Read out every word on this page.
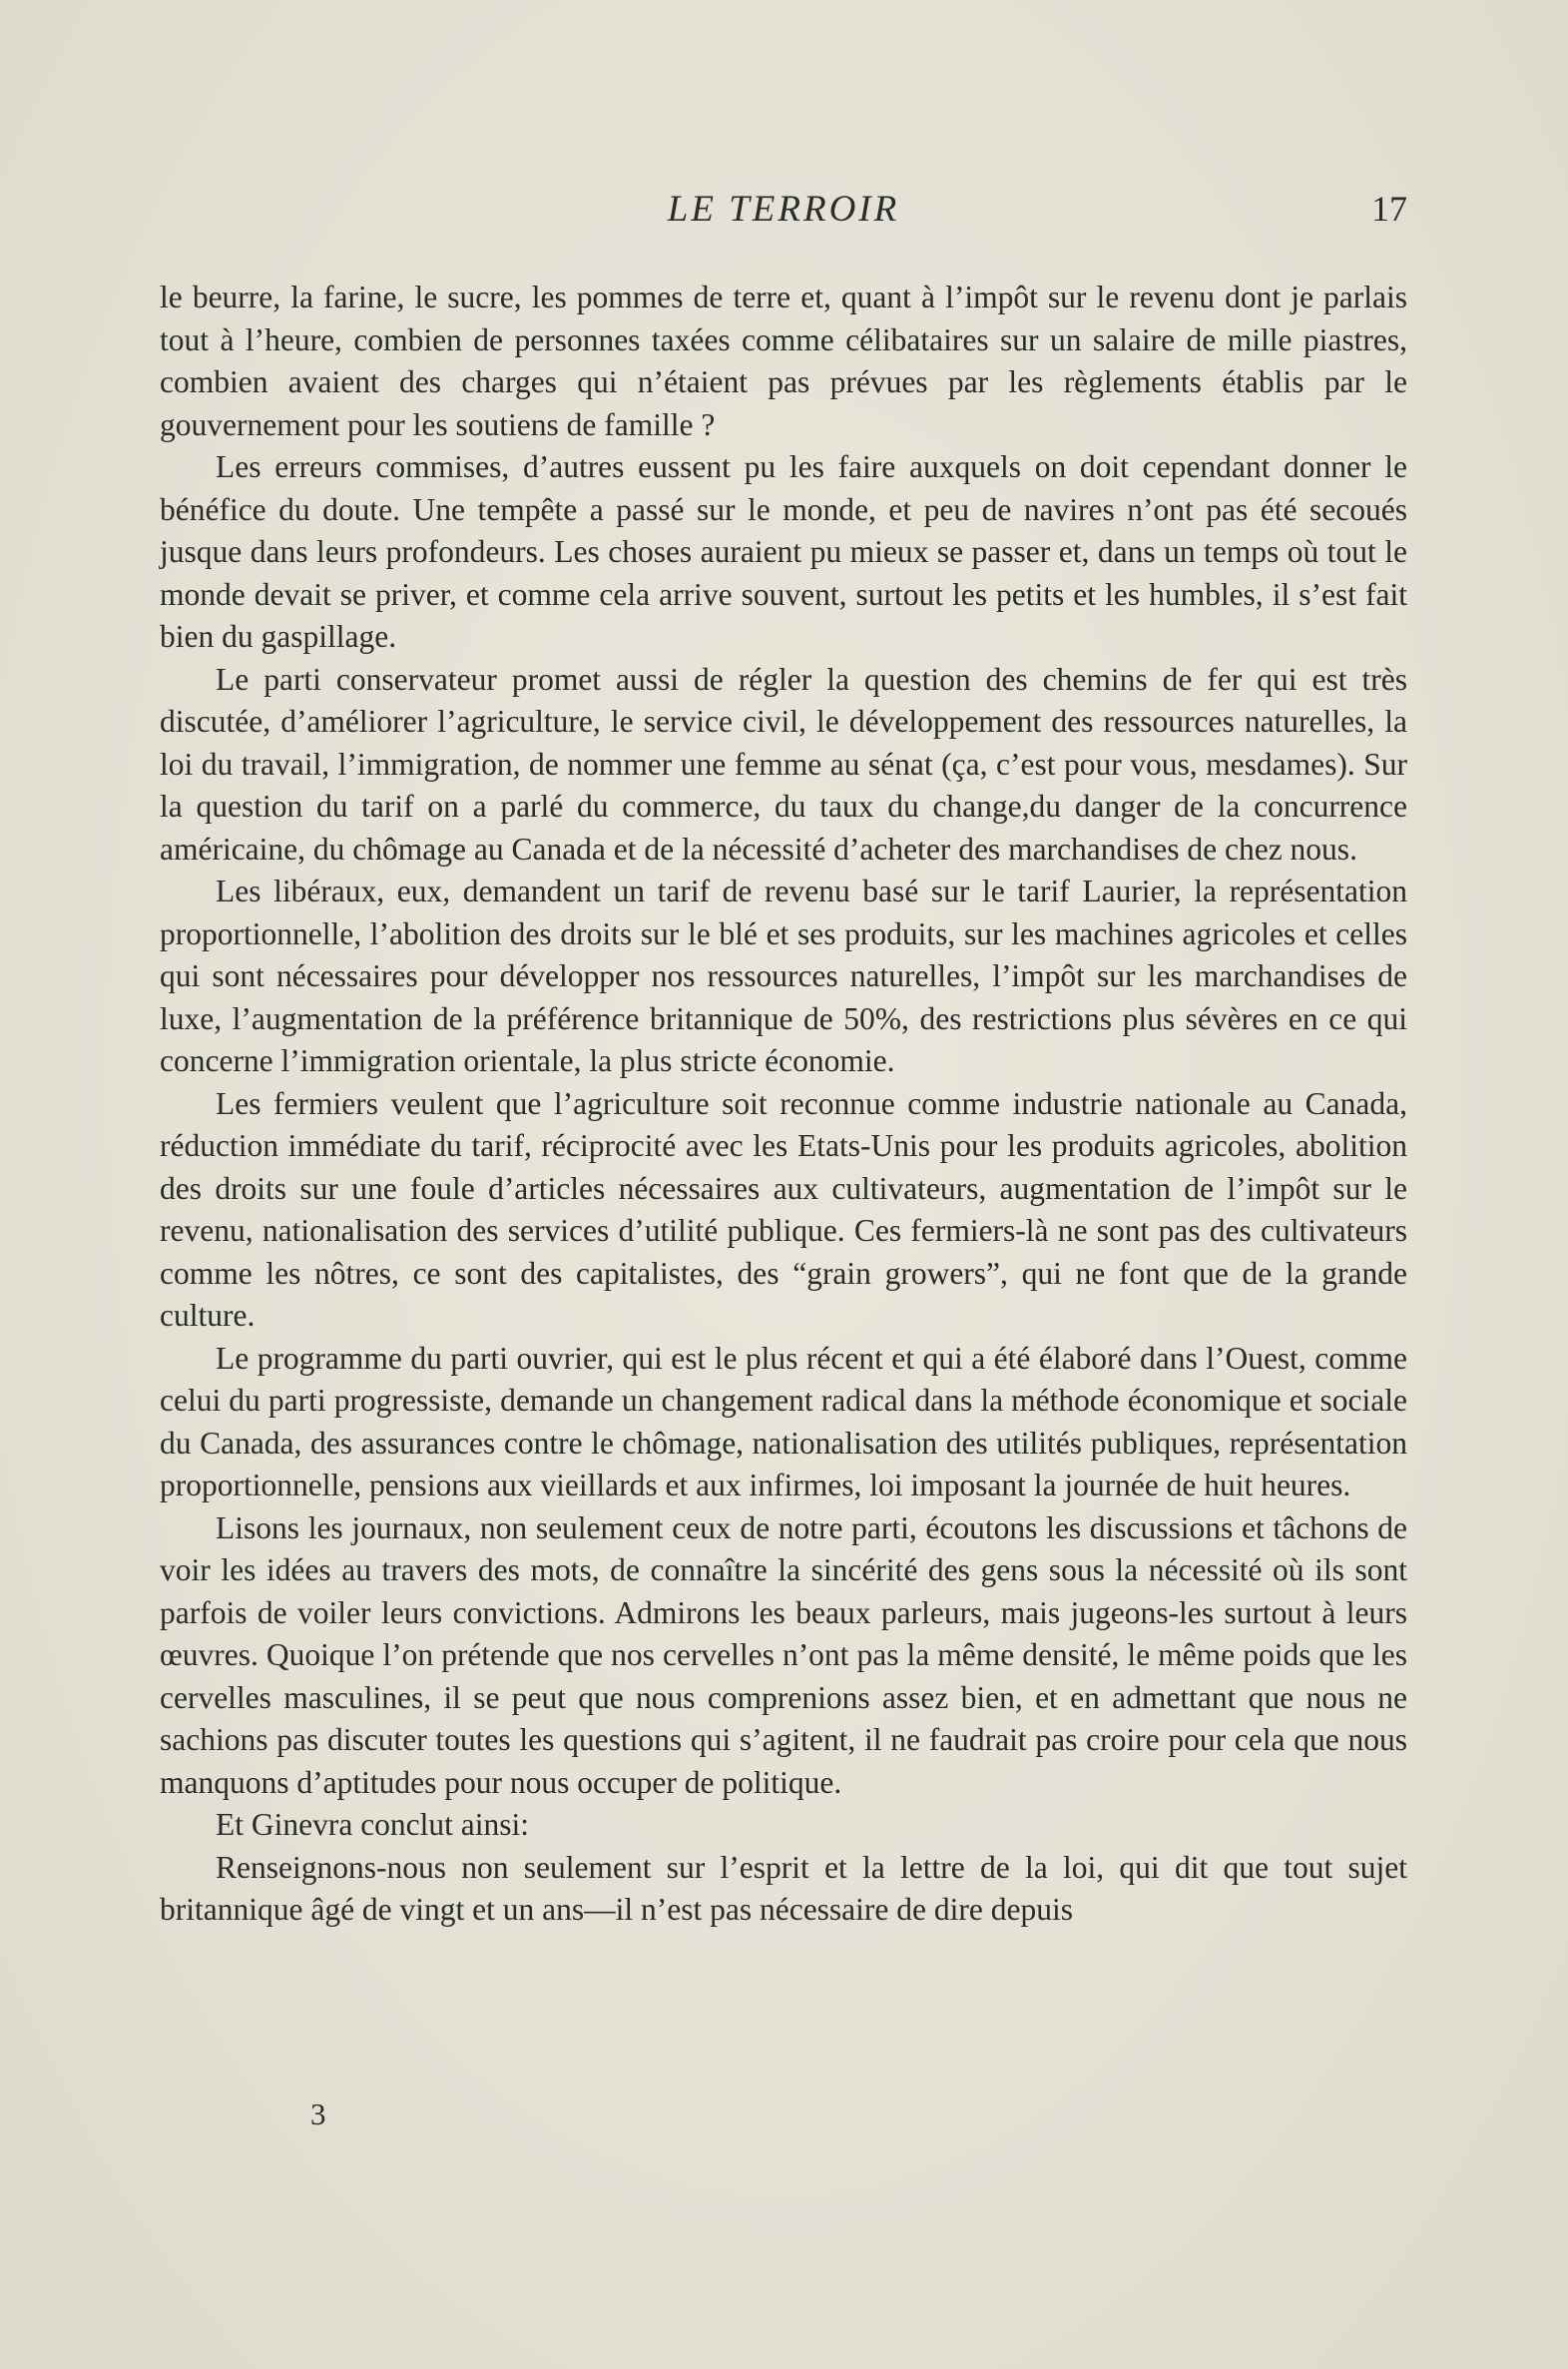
LE TERROIR	17

le beurre, la farine, le sucre, les pommes de terre et, quant à l’impôt sur le revenu dont je parlais tout à l’heure, combien de personnes taxées comme célibataires sur un salaire de mille piastres, combien avaient des charges qui n’étaient pas prévues par les règlements établis par le gouvernement pour les soutiens de famille ?

Les erreurs commises, d’autres eussent pu les faire auxquels on doit cependant donner le bénéfice du doute. Une tempête a passé sur le monde, et peu de navires n’ont pas été secoués jusque dans leurs profondeurs. Les choses auraient pu mieux se passer et, dans un temps où tout le monde devait se priver, et comme cela arrive souvent, surtout les petits et les humbles, il s’est fait bien du gaspillage.

Le parti conservateur promet aussi de régler la question des chemins de fer qui est très discutée, d’améliorer l’agriculture, le service civil, le développement des ressources naturelles, la loi du travail, l’immigration, de nommer une femme au sénat (ça, c’est pour vous, mesdames). Sur la question du tarif on a parlé du commerce, du taux du change,du danger de la concurrence américaine, du chômage au Canada et de la nécessité d’acheter des marchandises de chez nous.

Les libéraux, eux, demandent un tarif de revenu basé sur le tarif Laurier, la représentation proportionnelle, l’abolition des droits sur le blé et ses produits, sur les machines agricoles et celles qui sont nécessaires pour développer nos ressources naturelles, l’impôt sur les marchandises de luxe, l’augmentation de la préférence britannique de 50%, des restrictions plus sévères en ce qui concerne l’immigration orientale, la plus stricte économie.

Les fermiers veulent que l’agriculture soit reconnue comme industrie nationale au Canada, réduction immédiate du tarif, réciprocité avec les Etats-Unis pour les produits agricoles, abolition des droits sur une foule d’articles nécessaires aux cultivateurs, augmentation de l’impôt sur le revenu, nationalisation des services d’utilité publique. Ces fermiers-là ne sont pas des cultivateurs comme les nôtres, ce sont des capitalistes, des “grain growers”, qui ne font que de la grande culture.

Le programme du parti ouvrier, qui est le plus récent et qui a été élaboré dans l’Ouest, comme celui du parti progressiste, demande un changement radical dans la méthode économique et sociale du Canada, des assurances contre le chômage, nationalisation des utilités publiques, représentation proportionnelle, pensions aux vieillards et aux infirmes, loi imposant la journée de huit heures.

Lisons les journaux, non seulement ceux de notre parti, écoutons les discussions et tâchons de voir les idées au travers des mots, de connaître la sincérité des gens sous la nécessité où ils sont parfois de voiler leurs convictions. Admirons les beaux parleurs, mais jugeons-les surtout à leurs œuvres. Quoique l’on prétende que nos cervelles n’ont pas la même densité, le même poids que les cervelles masculines, il se peut que nous comprenions assez bien, et en admettant que nous ne sachions pas discuter toutes les questions qui s’agitent, il ne faudrait pas croire pour cela que nous manquons d’aptitudes pour nous occuper de politique.

Et Ginevra conclut ainsi:

Renseignons-nous non seulement sur l’esprit et la lettre de la loi, qui dit que tout sujet britannique âgé de vingt et un ans—il n’est pas nécessaire de dire depuis

3
